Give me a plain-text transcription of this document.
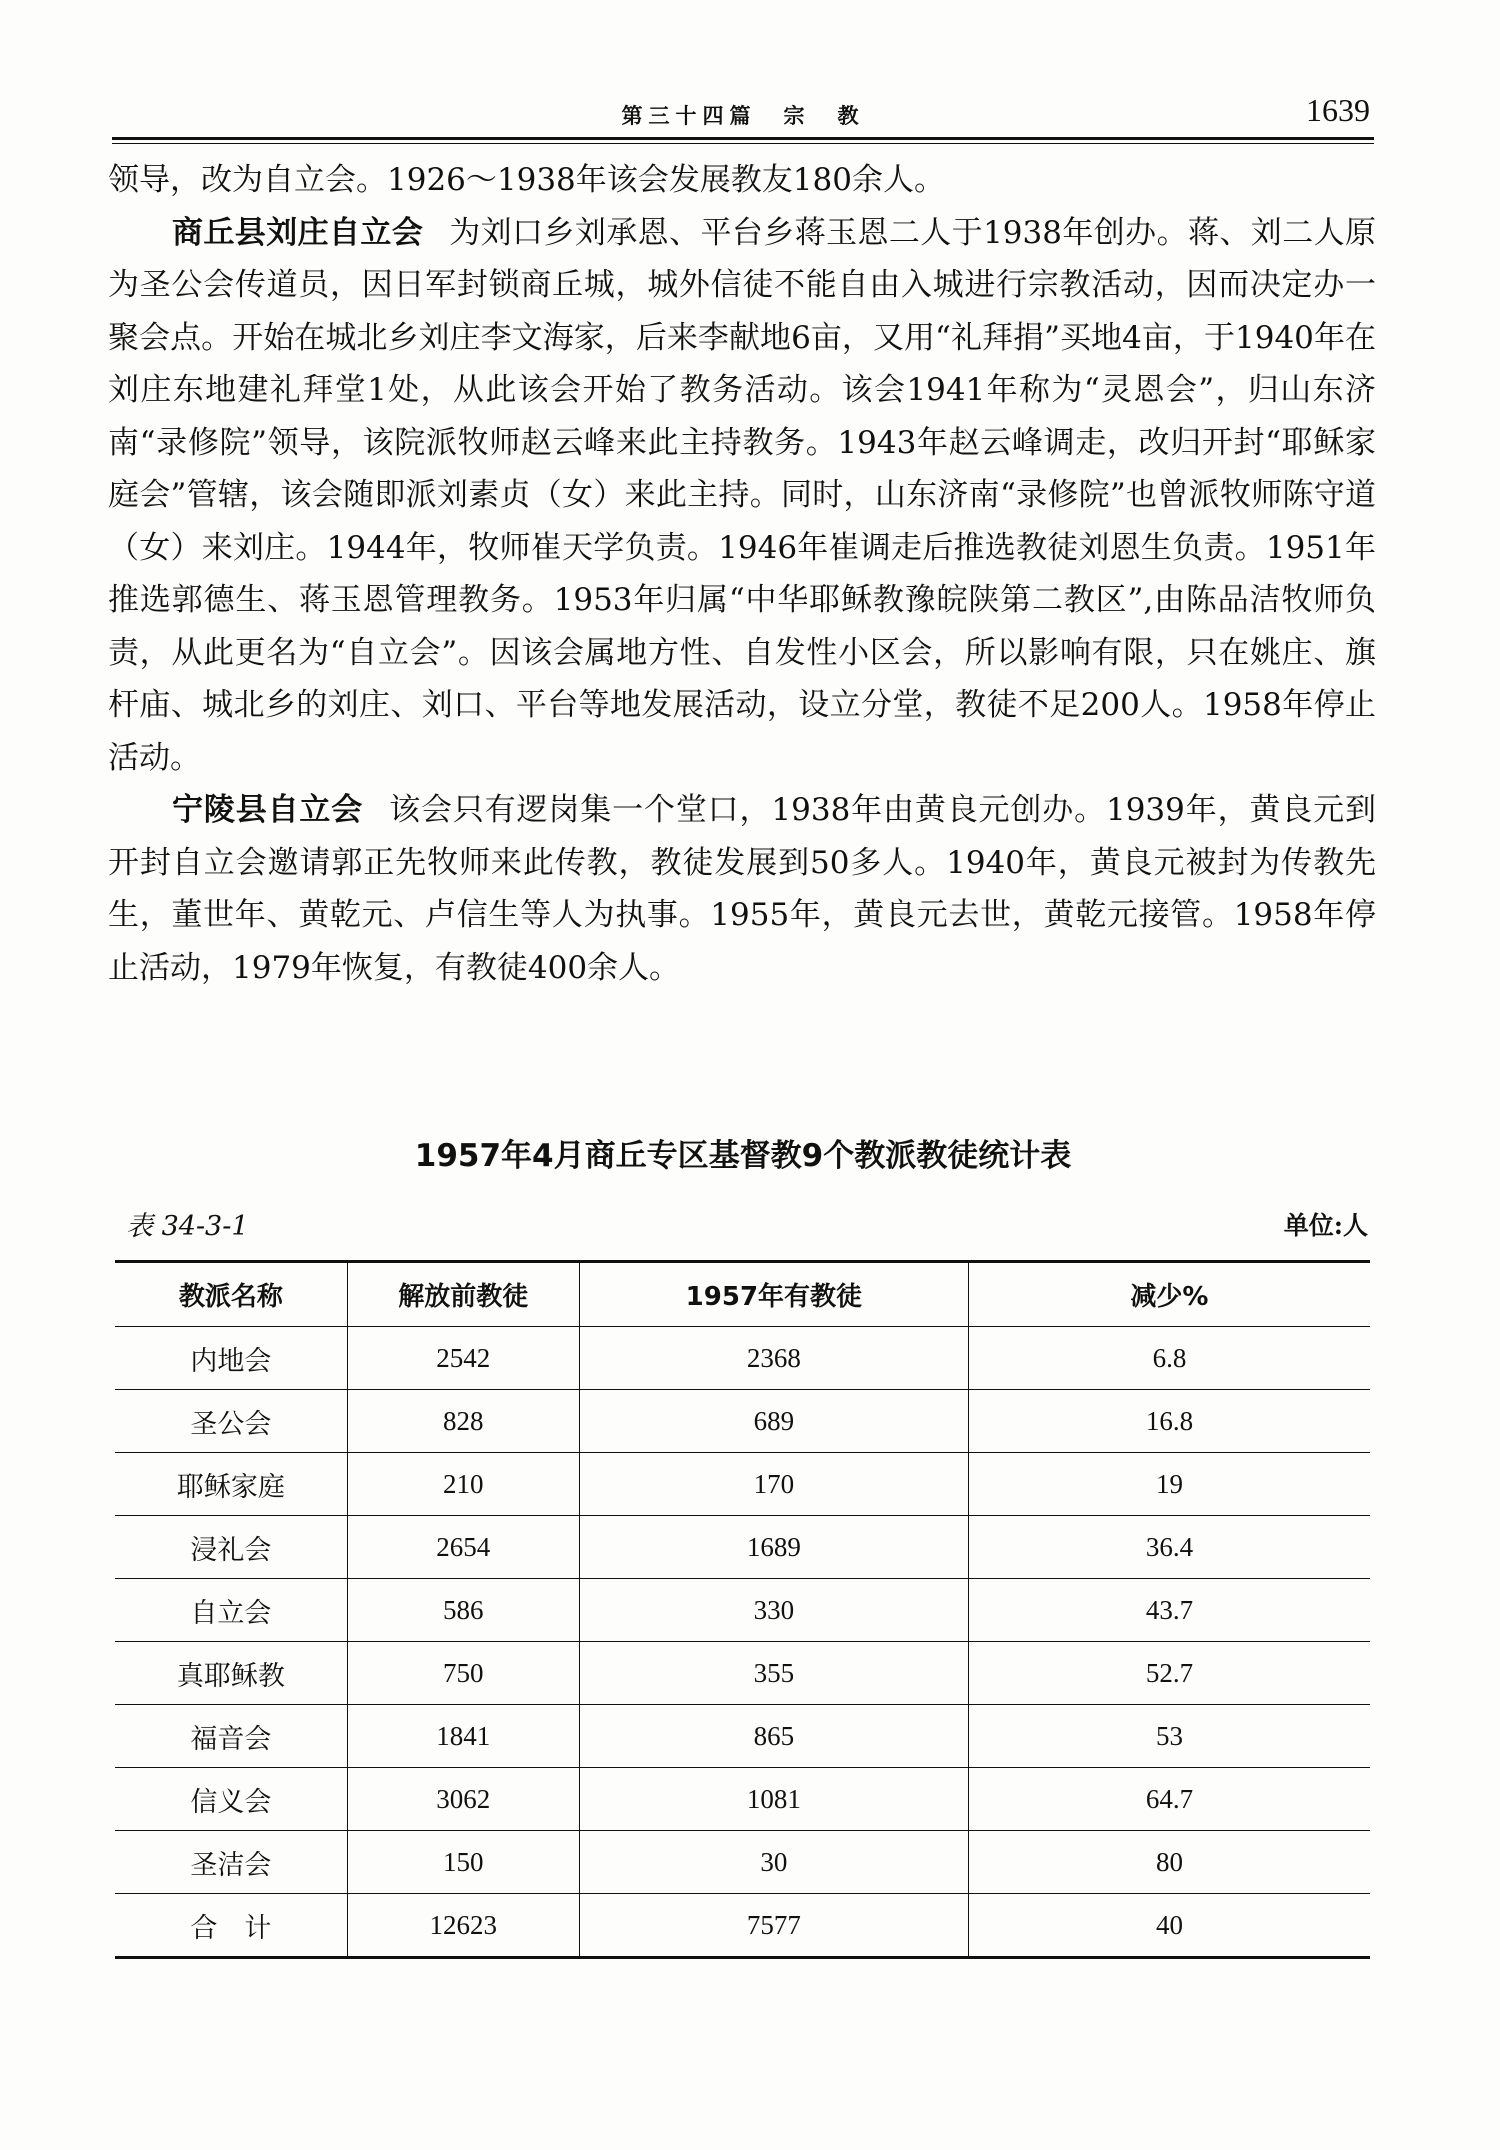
第三十四篇　宗　教	1639

领导，改为自立会。1926～1938年该会发展教友180余人。

商丘县刘庄自立会 为刘口乡刘承恩、平台乡蒋玉恩二人于1938年创办。蒋、刘二人原为圣公会传道员，因日军封锁商丘城，城外信徒不能自由入城进行宗教活动，因而决定办一聚会点。开始在城北乡刘庄李文海家，后来李献地6亩，又用“礼拜捐”买地4亩，于1940年在刘庄东地建礼拜堂1处，从此该会开始了教务活动。该会1941年称为“灵恩会”，归山东济南“录修院”领导，该院派牧师赵云峰来此主持教务。1943年赵云峰调走，改归开封“耶稣家庭会”管辖，该会随即派刘素贞（女）来此主持。同时，山东济南“录修院”也曾派牧师陈守道（女）来刘庄。1944年，牧师崔天学负责。1946年崔调走后推选教徒刘恩生负责。1951年推选郭德生、蒋玉恩管理教务。1953年归属“中华耶稣教豫皖陕第二教区”,由陈品洁牧师负责，从此更名为“自立会”。因该会属地方性、自发性小区会，所以影响有限，只在姚庄、旗杆庙、城北乡的刘庄、刘口、平台等地发展活动，设立分堂，教徒不足200人。1958年停止活动。

宁陵县自立会 该会只有逻岗集一个堂口，1938年由黄良元创办。1939年，黄良元到开封自立会邀请郭正先牧师来此传教，教徒发展到50多人。1940年，黄良元被封为传教先生，董世年、黄乾元、卢信生等人为执事。1955年，黄良元去世，黄乾元接管。1958年停止活动，1979年恢复，有教徒400余人。

1957年4月商丘专区基督教9个教派教徒统计表
表 34-3-1	单位:人
教派名称	解放前教徒	1957年有教徒	减少%
内地会	2542	2368	6.8
圣公会	828	689	16.8
耶稣家庭	210	170	19
浸礼会	2654	1689	36.4
自立会	586	330	43.7
真耶稣教	750	355	52.7
福音会	1841	865	53
信义会	3062	1081	64.7
圣洁会	150	30	80
合　计	12623	7577	40
